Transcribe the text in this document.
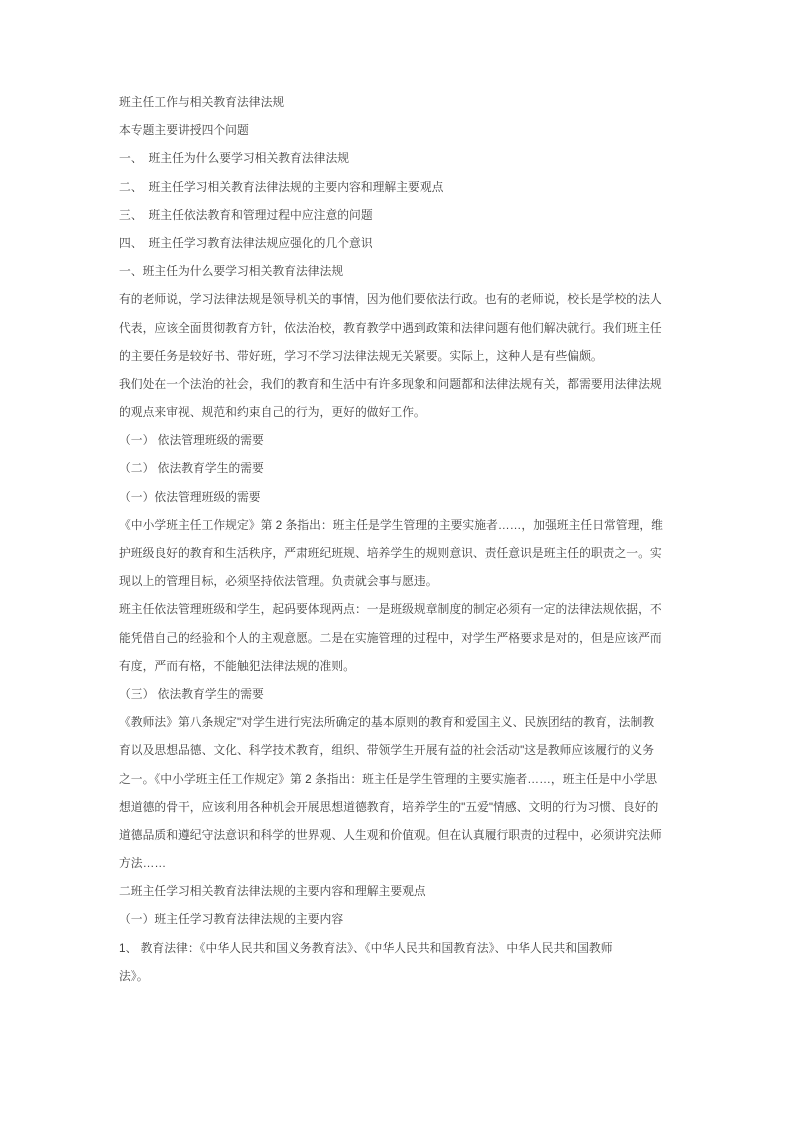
班主任工作与相关教育法律法规
本专题主要讲授四个问题
一、　班主任为什么要学习相关教育法律法规
二、　班主任学习相关教育法律法规的主要内容和理解主要观点
三、　班主任依法教育和管理过程中应注意的问题
四、　班主任学习教育法律法规应强化的几个意识
一、班主任为什么要学习相关教育法律法规
有的老师说，学习法律法规是领导机关的事情，因为他们要依法行政。也有的老师说，校长是学校的法人
代表，应该全面贯彻教育方针，依法治校，教育教学中遇到政策和法律问题有他们解决就行。我们班主任
的主要任务是较好书、带好班，学习不学习法律法规无关紧要。实际上，这种人是有些偏颇。
我们处在一个法治的社会，我们的教育和生活中有许多现象和问题都和法律法规有关，都需要用法律法规
的观点来审视、规范和约束自己的行为，更好的做好工作。
（一） 依法管理班级的需要
（二） 依法教育学生的需要
（一）依法管理班级的需要
《中小学班主任工作规定》第 2 条指出：班主任是学生管理的主要实施者……，加强班主任日常管理，维
护班级良好的教育和生活秩序，严肃班纪班规、培养学生的规则意识、责任意识是班主任的职责之一。实
现以上的管理目标，必须坚持依法管理。负责就会事与愿违。
班主任依法管理班级和学生，起码要体现两点：一是班级规章制度的制定必须有一定的法律法规依据，不
能凭借自己的经验和个人的主观意愿。二是在实施管理的过程中，对学生严格要求是对的，但是应该严而
有度，严而有格，不能触犯法律法规的准则。
（三） 依法教育学生的需要
《教师法》第八条规定"对学生进行宪法所确定的基本原则的教育和爱国主义、民族团结的教育，法制教
育以及思想品德、文化、科学技术教育，组织、带领学生开展有益的社会活动"这是教师应该履行的义务
之一。《中小学班主任工作规定》第 2 条指出：班主任是学生管理的主要实施者……，班主任是中小学思
想道德的骨干，应该利用各种机会开展思想道德教育，培养学生的"五爱"情感、文明的行为习惯、良好的
道德品质和遵纪守法意识和科学的世界观、人生观和价值观。但在认真履行职责的过程中，必须讲究法师
方法……
二班主任学习相关教育法律法规的主要内容和理解主要观点
（一）班主任学习教育法律法规的主要内容
1、 教育法律：《中华人民共和国义务教育法》、《中华人民共和国教育法》、中华人民共和国教师
法》。
